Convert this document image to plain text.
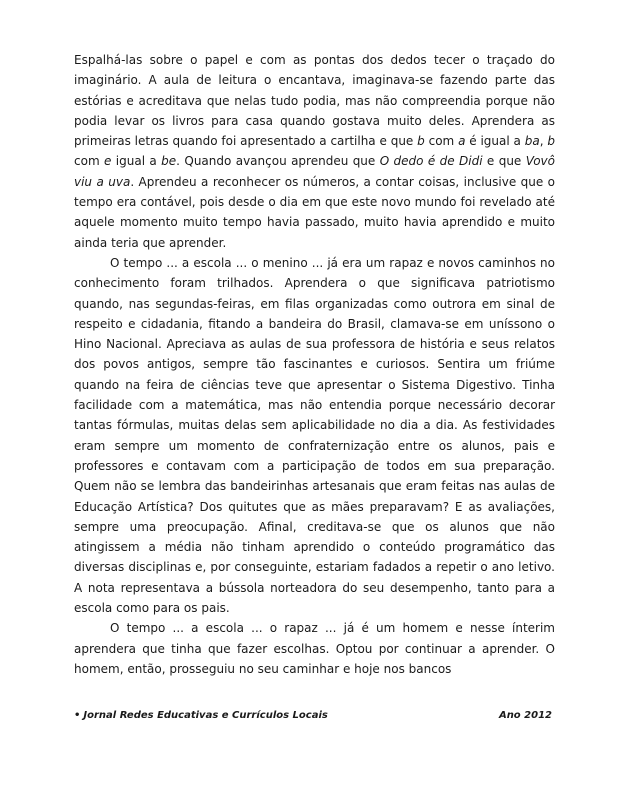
Espalhá-las sobre o papel e com as pontas dos dedos tecer o traçado do imaginário. A aula de leitura o encantava, imaginava-se fazendo parte das estórias e acreditava que nelas tudo podia, mas não compreendia porque não podia levar os livros para casa quando gostava muito deles. Aprendera as primeiras letras quando foi apresentado a cartilha e que b com a é igual a ba, b com e igual a be. Quando avançou aprendeu que O dedo é de Didi e que Vovô viu a uva. Aprendeu a reconhecer os números, a contar coisas, inclusive que o tempo era contável, pois desde o dia em que este novo mundo foi revelado até aquele momento muito tempo havia passado, muito havia aprendido e muito ainda teria que aprender.

O tempo ... a escola ... o menino ... já era um rapaz e novos caminhos no conhecimento foram trilhados. Aprendera o que significava patriotismo quando, nas segundas-feiras, em filas organizadas como outrora em sinal de respeito e cidadania, fitando a bandeira do Brasil, clamava-se em uníssono o Hino Nacional. Apreciava as aulas de sua professora de história e seus relatos dos povos antigos, sempre tão fascinantes e curiosos. Sentira um friúme quando na feira de ciências teve que apresentar o Sistema Digestivo. Tinha facilidade com a matemática, mas não entendia porque necessário decorar tantas fórmulas, muitas delas sem aplicabilidade no dia a dia. As festividades eram sempre um momento de confraternização entre os alunos, pais e professores e contavam com a participação de todos em sua preparação. Quem não se lembra das bandeirinhas artesanais que eram feitas nas aulas de Educação Artística? Dos quitutes que as mães preparavam? E as avaliações, sempre uma preocupação. Afinal, creditava-se que os alunos que não atingissem a média não tinham aprendido o conteúdo programático das diversas disciplinas e, por conseguinte, estariam fadados a repetir o ano letivo. A nota representava a bússola norteadora do seu desempenho, tanto para a escola como para os pais.

O tempo ... a escola ... o rapaz ... já é um homem e nesse ínterim aprendera que tinha que fazer escolhas. Optou por continuar a aprender. O homem, então, prosseguiu no seu caminhar e hoje nos bancos

• Jornal Redes Educativas e Currículos Locais	Ano 2012
